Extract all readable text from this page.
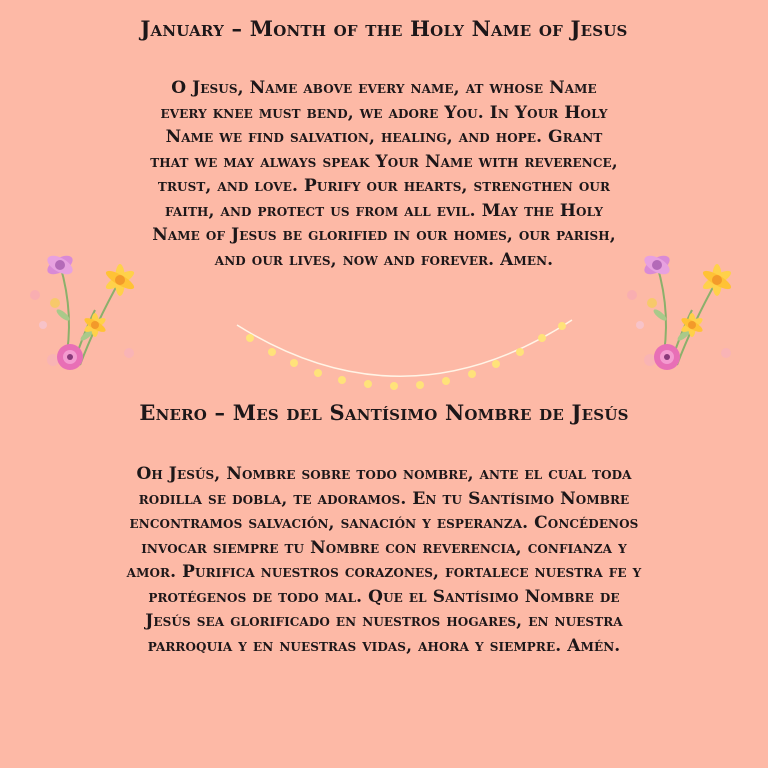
January – Month of the Holy Name of Jesus

O Jesus, Name above every name, at whose Name every knee must bend, we adore You. In Your Holy Name we find salvation, healing, and hope. Grant that we may always speak Your Name with reverence, trust, and love. Purify our hearts, strengthen our faith, and protect us from all evil. May the Holy Name of Jesus be glorified in our homes, our parish, and our lives, now and forever. Amen.

Enero – Mes del Santísimo Nombre de Jesús

Oh Jesús, Nombre sobre todo nombre, ante el cual toda rodilla se dobla, te adoramos. En tu Santísimo Nombre encontramos salvación, sanación y esperanza. Concédenos invocar siempre tu Nombre con reverencia, confianza y amor. Purifica nuestros corazones, fortalece nuestra fe y protégenos de todo mal. Que el Santísimo Nombre de Jesús sea glorificado en nuestros hogares, en nuestra parroquia y en nuestras vidas, ahora y siempre. Amén.
